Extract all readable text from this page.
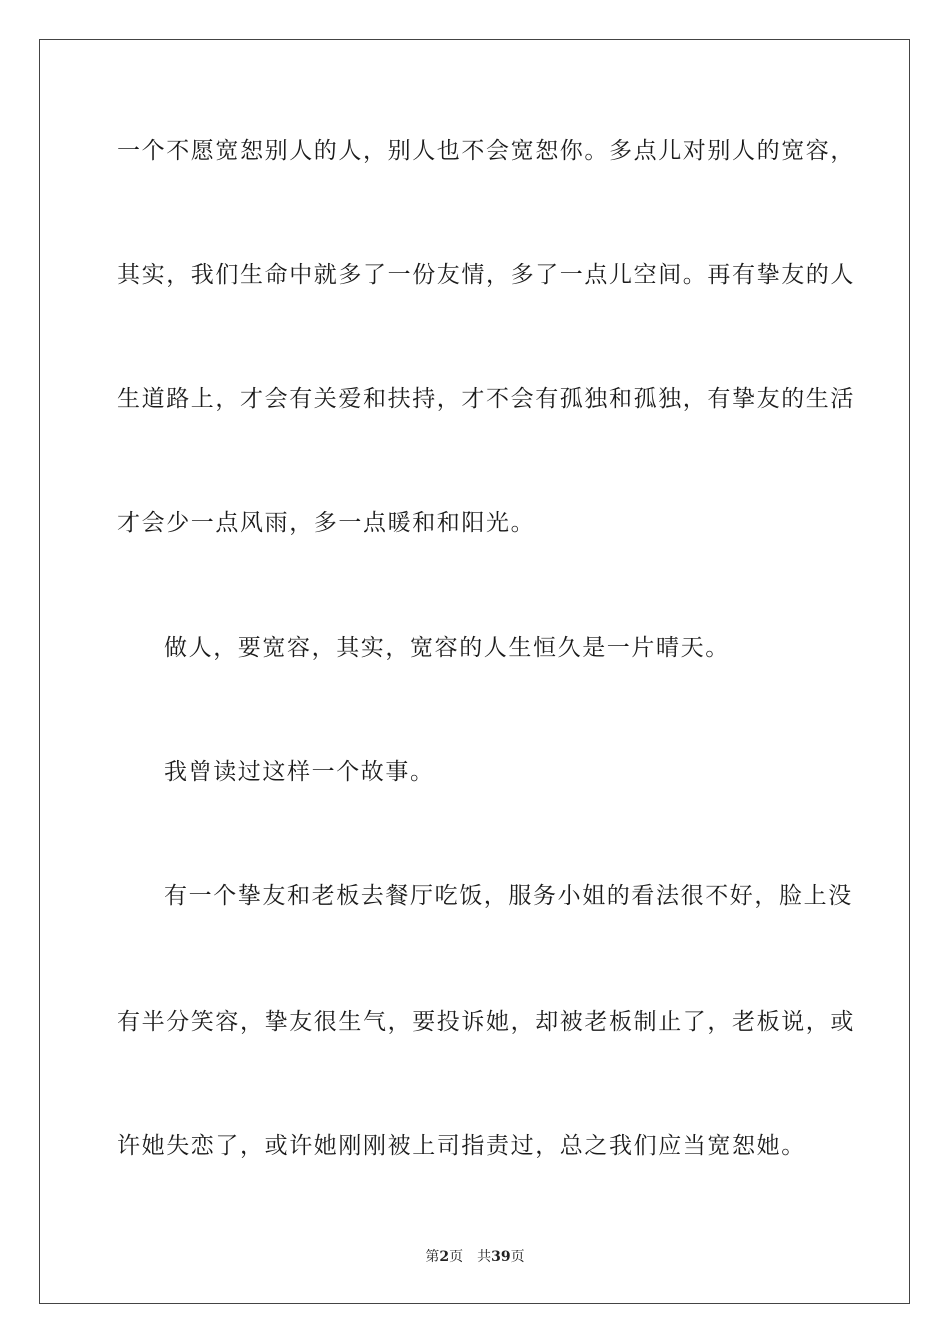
一个不愿宽恕别人的人，别人也不会宽恕你。多点儿对别人的宽容，
其实，我们生命中就多了一份友情，多了一点儿空间。再有挚友的人
生道路上，才会有关爱和扶持，才不会有孤独和孤独，有挚友的生活
才会少一点风雨，多一点暖和和阳光。
做人，要宽容，其实，宽容的人生恒久是一片晴天。
我曾读过这样一个故事。
有一个挚友和老板去餐厅吃饭，服务小姐的看法很不好，脸上没
有半分笑容，挚友很生气，要投诉她，却被老板制止了，老板说，或
许她失恋了，或许她刚刚被上司指责过，总之我们应当宽恕她。
第2页 共39页
